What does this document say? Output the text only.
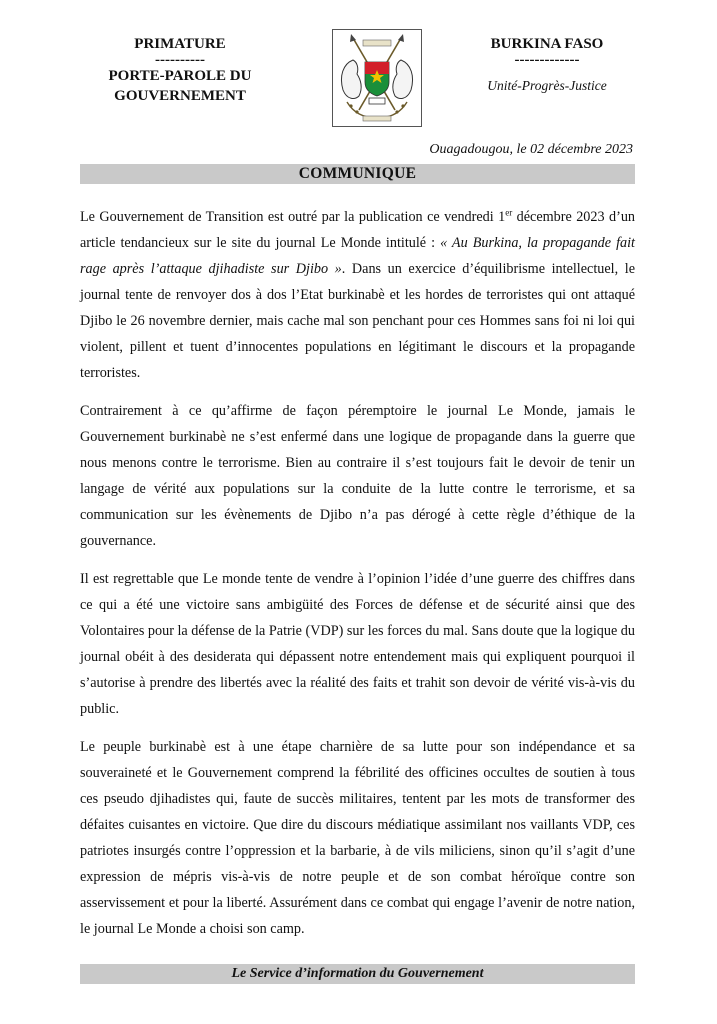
PRIMATURE
----------
PORTE-PAROLE DU
GOUVERNEMENT
BURKINA FASO
-------------
Unité-Progrès-Justice
Ouagadougou, le 02 décembre 2023
COMMUNIQUE

Le Gouvernement de Transition est outré par la publication ce vendredi 1er décembre 2023 d’un article tendancieux sur le site du journal Le Monde intitulé : « Au Burkina, la propagande fait rage après l’attaque djihadiste sur Djibo ». Dans un exercice d’équilibrisme intellectuel, le journal tente de renvoyer dos à dos l’Etat burkinabè et les hordes de terroristes qui ont attaqué Djibo le 26 novembre dernier, mais cache mal son penchant pour ces Hommes sans foi ni loi qui violent, pillent et tuent d’innocentes populations en légitimant le discours et la propagande terroristes.

Contrairement à ce qu’affirme de façon péremptoire le journal Le Monde, jamais le Gouvernement burkinabè ne s’est enfermé dans une logique de propagande dans la guerre que nous menons contre le terrorisme. Bien au contraire il s’est toujours fait le devoir de tenir un langage de vérité aux populations sur la conduite de la lutte contre le terrorisme, et sa communication sur les évènements de Djibo n’a pas dérogé à cette règle d’éthique de la gouvernance.

Il est regrettable que Le monde tente de vendre à l’opinion l’idée d’une guerre des chiffres dans ce qui a été une victoire sans ambigüité des Forces de défense et de sécurité ainsi que des Volontaires pour la défense de la Patrie (VDP) sur les forces du mal. Sans doute que la logique du journal obéit à des desiderata qui dépassent notre entendement mais qui expliquent pourquoi il s’autorise à prendre des libertés avec la réalité des faits et trahit son devoir de vérité vis-à-vis du public.

Le peuple burkinabè est à une étape charnière de sa lutte pour son indépendance et sa souveraineté et le Gouvernement comprend la fébrilité des officines occultes de soutien à tous ces pseudo djihadistes qui, faute de succès militaires, tentent par les mots de transformer des défaites cuisantes en victoire. Que dire du discours médiatique assimilant nos vaillants VDP, ces patriotes insurgés contre l’oppression et la barbarie, à de vils miliciens, sinon qu’il s’agit d’une expression de mépris vis-à-vis de notre peuple et de son combat héroïque contre son asservissement et pour la liberté. Assurément dans ce combat qui engage l’avenir de notre nation, le journal Le Monde a choisi son camp.

Le Service d’information du Gouvernement
